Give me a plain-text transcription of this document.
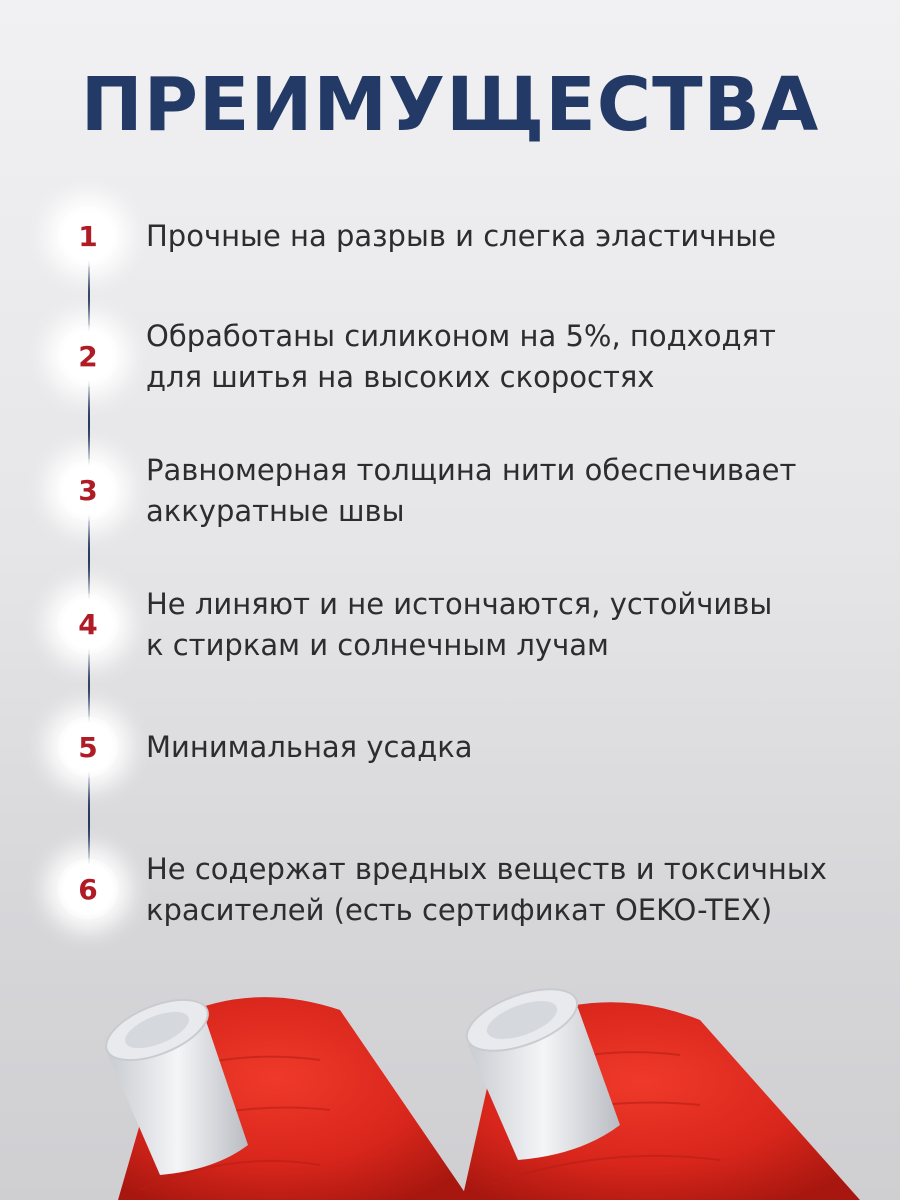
ПРЕИМУЩЕСТВА
1	Прочные на разрыв и слегка эластичные

2

Обработаны силиконом на 5%, подходят
для шитья на высоких скоростях

3

Равномерная толщина нити обеспечивает
аккуратные швы

4

Не линяют и не истончаются, устойчивы
к стиркам и солнечным лучам

5	Минимальная усадка

6

Не содержат вредных веществ и токсичных
красителей (есть сертификат OEKO-TEX)
